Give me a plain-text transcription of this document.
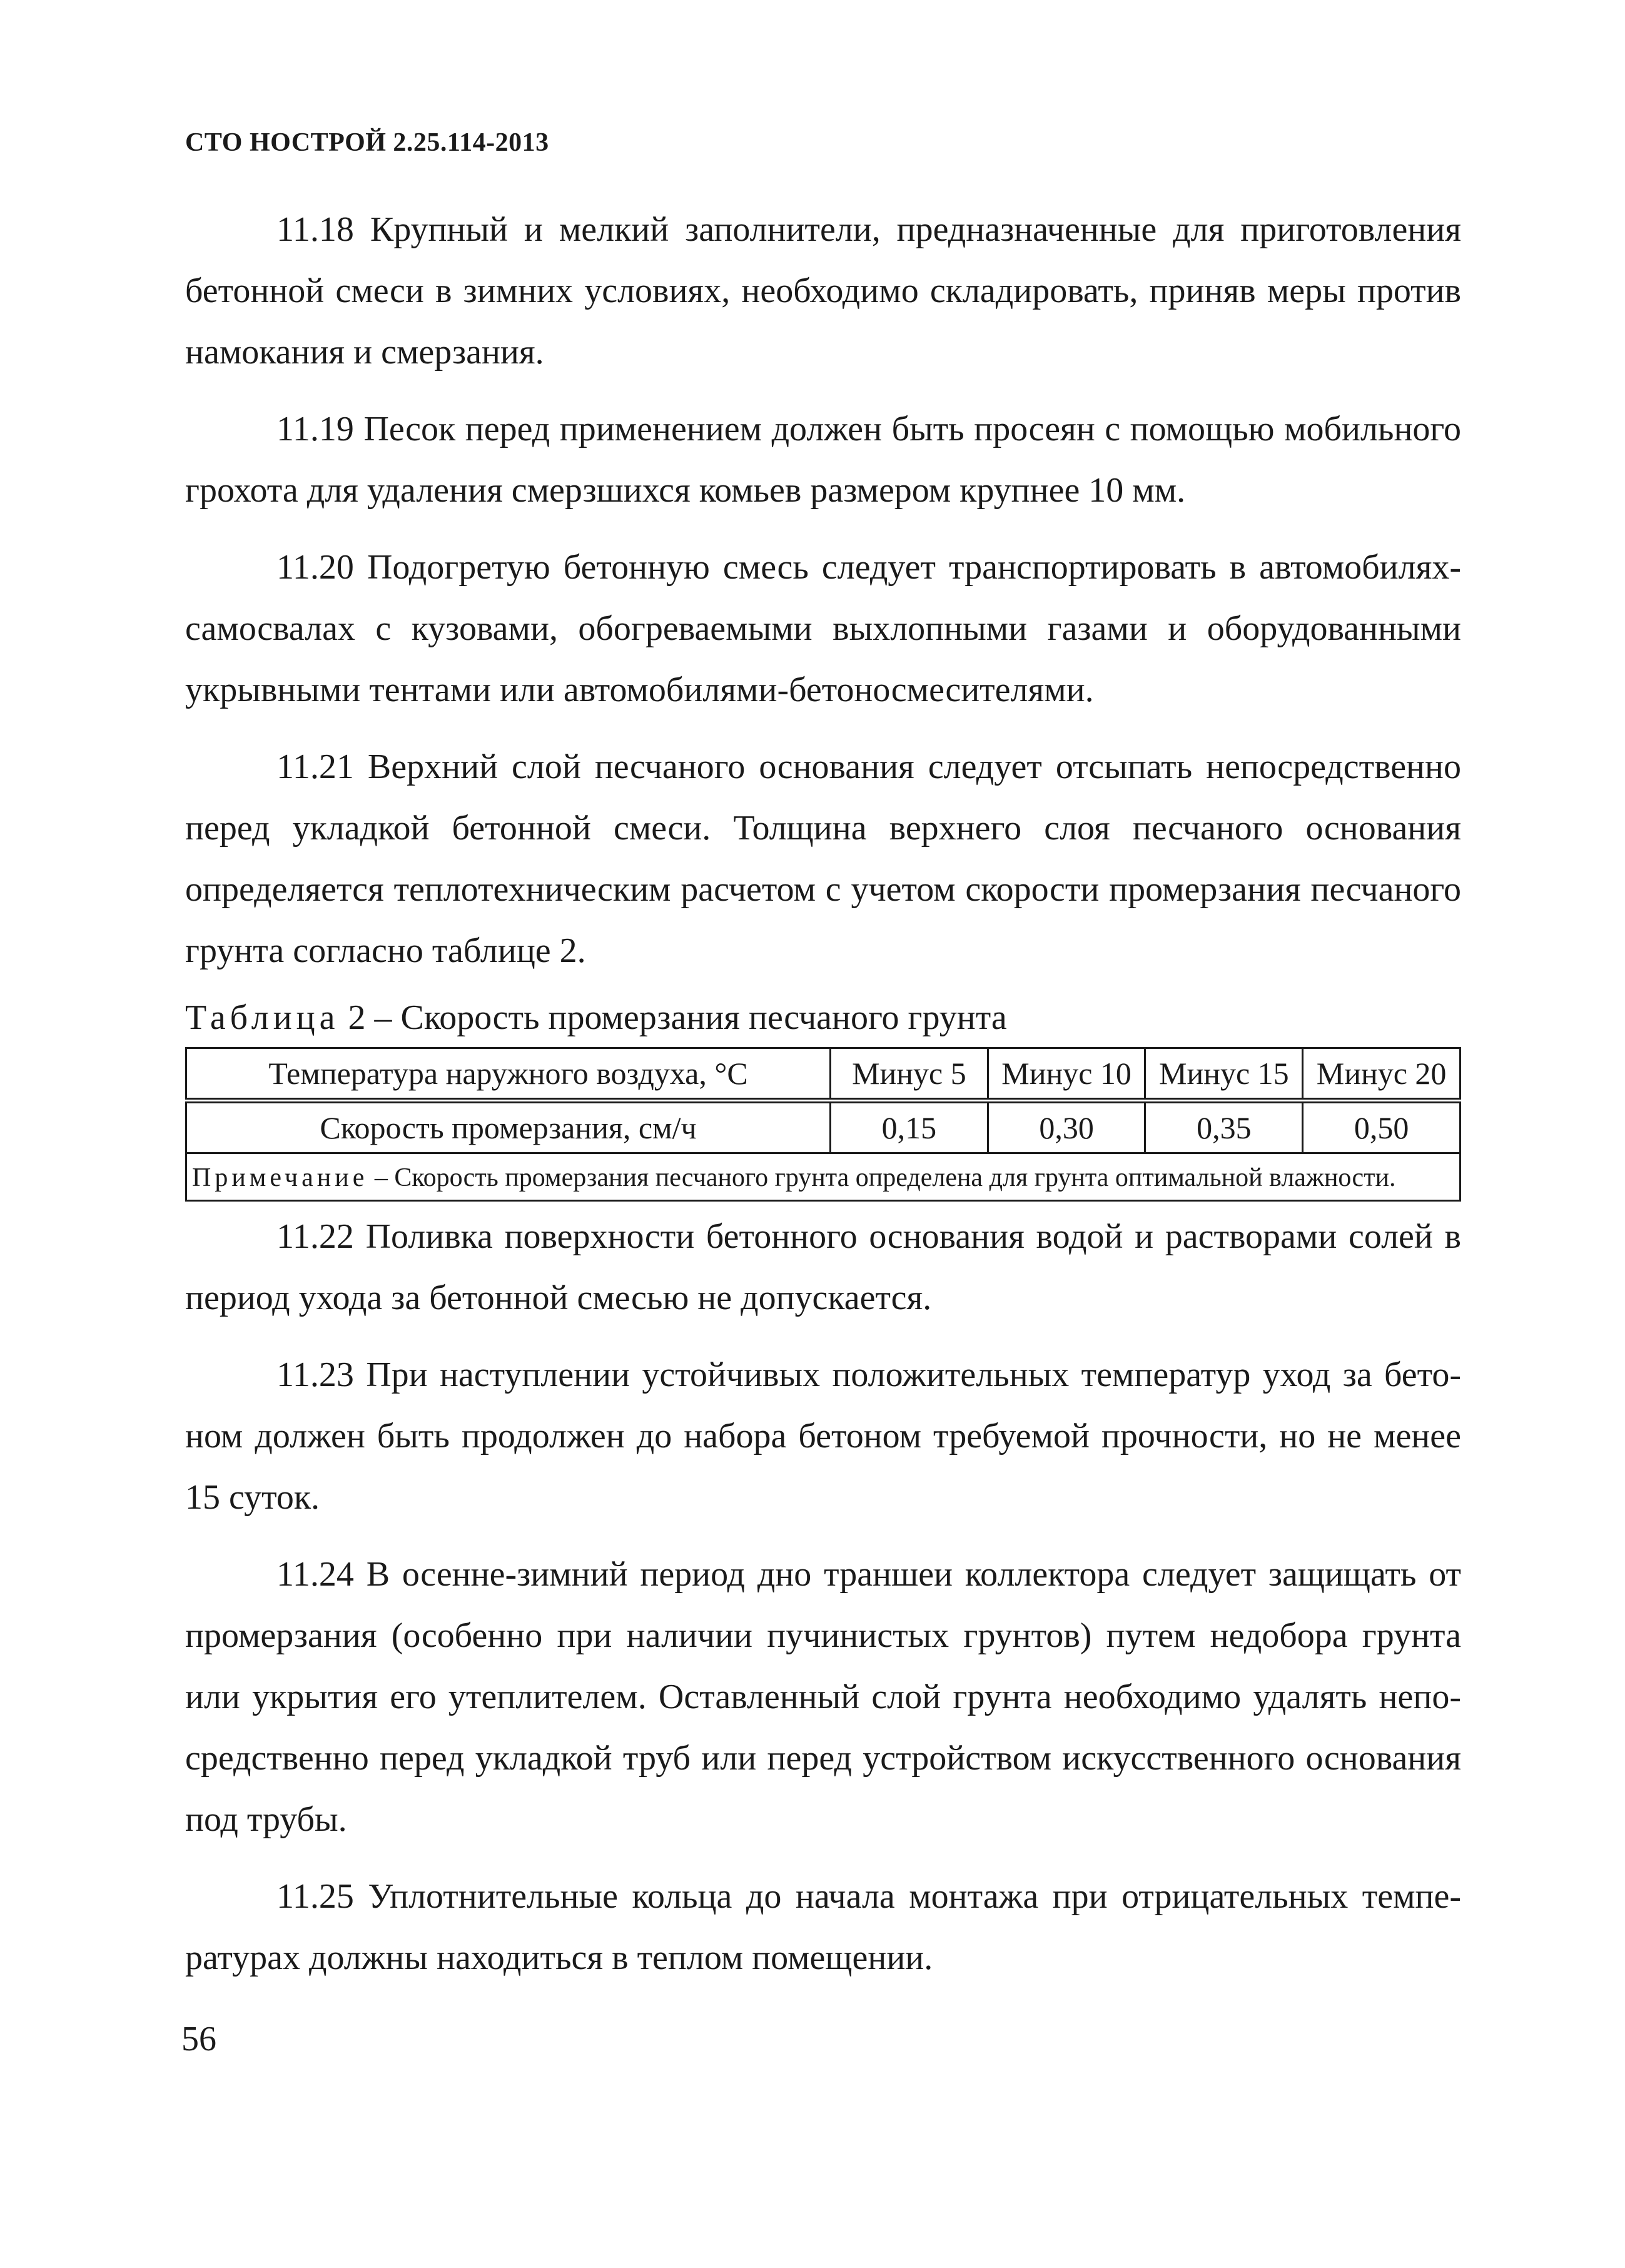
СТО НОСТРОЙ 2.25.114-2013

11.18 Крупный и мелкий заполнители, предназначенные для приготовления бетонной смеси в зимних условиях, необходимо складировать, приняв меры против намокания и смерзания.

11.19 Песок перед применением должен быть просеян с помощью мобильного грохота для удаления смерзшихся комьев размером крупнее 10 мм.

11.20 Подогретую бетонную смесь следует транспортировать в автомобилях-самосвалах с кузовами, обогреваемыми выхлопными газами и оборудованными укрывными тентами или автомобилями-бетоносмесителями.

11.21 Верхний слой песчаного основания следует отсыпать непосредственно перед укладкой бетонной смеси. Толщина верхнего слоя песчаного основания определяется теплотехническим расчетом с учетом скорости промерзания песчаного грунта согласно таблице 2.

Таблица 2 – Скорость промерзания песчаного грунта
Температура наружного воздуха, °С	Минус 5	Минус 10	Минус 15	Минус 20
Скорость промерзания, см/ч	0,15	0,30	0,35	0,50
Примечание – Скорость промерзания песчаного грунта определена для грунта оптимальной влажности.				

11.22 Поливка поверхности бетонного основания водой и растворами солей в период ухода за бетонной смесью не допускается.

11.23 При наступлении устойчивых положительных температур уход за бетоном должен быть продолжен до набора бетоном требуемой прочности, но не менее 15 суток.

11.24 В осенне-зимний период дно траншеи коллектора следует защищать от промерзания (особенно при наличии пучинистых грунтов) путем недобора грунта или укрытия его утеплителем. Оставленный слой грунта необходимо удалять непосредственно перед укладкой труб или перед устройством искусственного основания под трубы.

11.25 Уплотнительные кольца до начала монтажа при отрицательных температурах должны находиться в теплом помещении.

56
